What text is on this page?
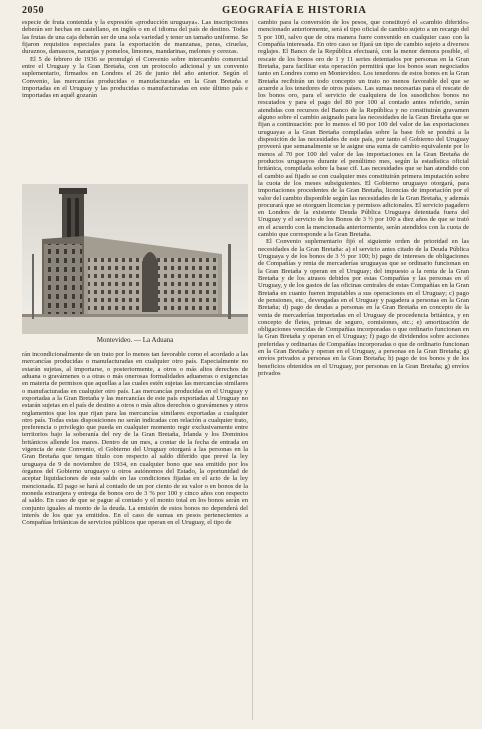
2050	GEOGRAFÍA E HISTORIA

especie de fruta contenida y la expresión «producción uruguaya». Las inscripciones deberán ser hechas en castellano, en inglés o en el idioma del país de destino. Todas las frutas de una caja deberán ser de una sola variedad y tener un tamaño uniforme. Se fijaron requisitos especiales para la exportación de manzanas, peras, ciruelas, duraznos, damascos, naranjas y pomelos, limones, mandarinas, melones y cerezas.

El 5 de febrero de 1936 se promulgó el Convenio sobre intercambio comercial entre el Uruguay y la Gran Bretaña, con un protocolo adicional y un convenio suplementario, firmados en Londres el 26 de junio del año anterior. Según el Convenio, las mercancías producidas o manufacturadas en la Gran Bretaña e importadas en el Uruguay y las producidas o manufacturadas en este último país e importadas en aquél gozarán

Montevideo. — La Aduana

rán incondicionalmente de un trato por lo menos tan favorable como el acordado a las mercancías producidas o manufacturadas en cualquier otro país. Especialmente no estarán sujetas, al importarse, o posteriormente, a otros o más altos derechos de aduana o gravámenes o a otras o más onerosas formalidades aduaneras o exigencias en materia de permisos que aquellas a las cuales estén sujetas las mercancías similares o manufacturadas en cualquier otro país. Las mercancías producidas en el Uruguay y exportadas a la Gran Bretaña y las mercancías de este país exportadas al Uruguay no estarán sujetas en el país de destino a otros o más altos derechos o gravámenes y otros reglamentos que los que rijan para las mercancías similares exportadas a cualquier otro país. Todas estas disposiciones no serán indicadas con relación a cualquier trato, preferencia o privilegio que pueda en cualquier momento regir exclusivamente entre territorios bajo la soberanía del rey de la Gran Bretaña, Irlanda y los Dominios británicos allende los mares. Dentro de un mes, a contar de la fecha de entrada en vigencia de este Convenio, el Gobierno del Uruguay otorgará a las personas en la Gran Bretaña que tengan título con respecto al saldo diferido que prevé la ley uruguaya de 9 de noviembre de 1934, en cualquier bono que sea emitido por los órganos del Gobierno uruguayo u otros autónomos del Estado, la oportunidad de aceptar liquidaciones de este saldo en las condiciones fijadas en el acto de la ley mencionada. El pago se hará al contado de un por ciento de su valor o en bonos de la moneda extranjera y entrega de bonos oro de 3 % por 100 y cinco años con respecto al saldo. En caso de que se pague al contado y el monto total en los bonos serán en conjunto iguales al monto de la deuda. La emisión de estos bonos no dependerá del interés de los que ya emitidos. En el caso de sumas en pesos pertenecientes a Compañías británicas de servicios públicos que operan en el Uruguay, el tipo de

cambio para la conversión de los pesos, que constituyó el «cambio diferido» mencionado anteriormente, será el tipo oficial de cambio sujeto a un recargo del 5 por 100, salvo que de otra manera fuere convenido en cualquier caso con la Compañía interesada. En otro caso se fijará un tipo de cambio sujeto a diversos reglajes. El Banco de la República efectuará, con la menor demora posible, el rescate de los bonos oro de 1 y 11 series detentados por personas en la Gran Bretaña, para facilitar esta operación permitirá que los bonos sean negociados tanto en Londres como en Montevideo. Los tenedores de estos bonos en la Gran Bretaña recibirán un todo concepto un trato no menos favorable del que se acuerde a los tenedores de otros países. Las sumas necesarias para el rescate de los bonos oro, para el servicio de cualquiera de los susodichos bonos no rescatados y para el pago del 80 por 100 al contado antes referido, serán atendidas con recursos del Banco de la República y no constituirán gravamen alguno sobre el cambio asignado para las necesidades de la Gran Bretaña que se fijan a continuación: por lo menos el 90 por 100 del valor de las exportaciones uruguayas a la Gran Bretaña compiladas sobre la base fob se pondrá a la disposición de las necesidades de este país, por tanto el Gobierno del Uruguay proveerá que semanalmente se le asigne una suma de cambio equivalente por lo menos al 70 por 100 del valor de las importaciones en la Gran Bretaña de productos uruguayos durante el penúltimo mes, según la estadística oficial británica, compilada sobre la base cif. Las necesidades que se han atendido con el cambio así fijado se con cualquier mes constituirán primera imputación sobre la cuota de los meses subsiguientes. El Gobierno uruguayo otorgará, para importaciones procedentes de la Gran Bretaña, licencias de importación por el valor del cambio disponible según las necesidades de la Gran Bretaña, y además procurará que se otorguen licencias y permisos adicionales. El servicio pagadero en Londres de la existente Deuda Pública Uruguaya detentada fuera del Uruguay y el servicio de los Bonos de 3 ½ por 100 a diez años de que se trató en el acuerdo con la mencionada anteriormente, serán atendidos con la cuota de cambio que corresponde a la Gran Bretaña.

El Convenio suplementario fijó el siguiente orden de prioridad en las necesidades de la Gran Bretaña: a) el servicio antes citado de la Deuda Pública Uruguaya y de los bonos de 3 ½ por 100; b) pago de intereses de obligaciones de Compañías y renta de mercaderías uruguayas que se ordinario funcionan en la Gran Bretaña y operan en el Uruguay; del impuesto a la renta de la Gran Bretaña y de los atrasos debidos por estas Compañías y las personas en el Uruguay, y de los gastos de las oficinas centrales de estas Compañías en la Gran Bretaña en cuanto fueren imputables a sus operaciones en el Uruguay; c) pago de pensiones, etc., devengadas en el Uruguay y pagadera a personas en la Gran Bretaña; d) pago de deudas a personas en la Gran Bretaña en concepto de la venta de mercaderías importadas en el Uruguay de procedencia británica, y en concepto de fletes, primas de seguro, comisiones, etc.; e) amortización de obligaciones vencidas de Compañías incorporadas o que ordinario funcionan en la Gran Bretaña y operan en el Uruguay; f) pago de dividendos sobre acciones preferidas y ordinarias de Compañías incorporadas o que de ordinario funcionan en la Gran Bretaña y operan en el Uruguay, a personas en la Gran Bretaña; g) envíos privados a personas en la Gran Bretaña; h) pago de tos bonos y de los beneficios obtenidos en el Uruguay, por personas en la Gran Bretaña; g) envíos privados
